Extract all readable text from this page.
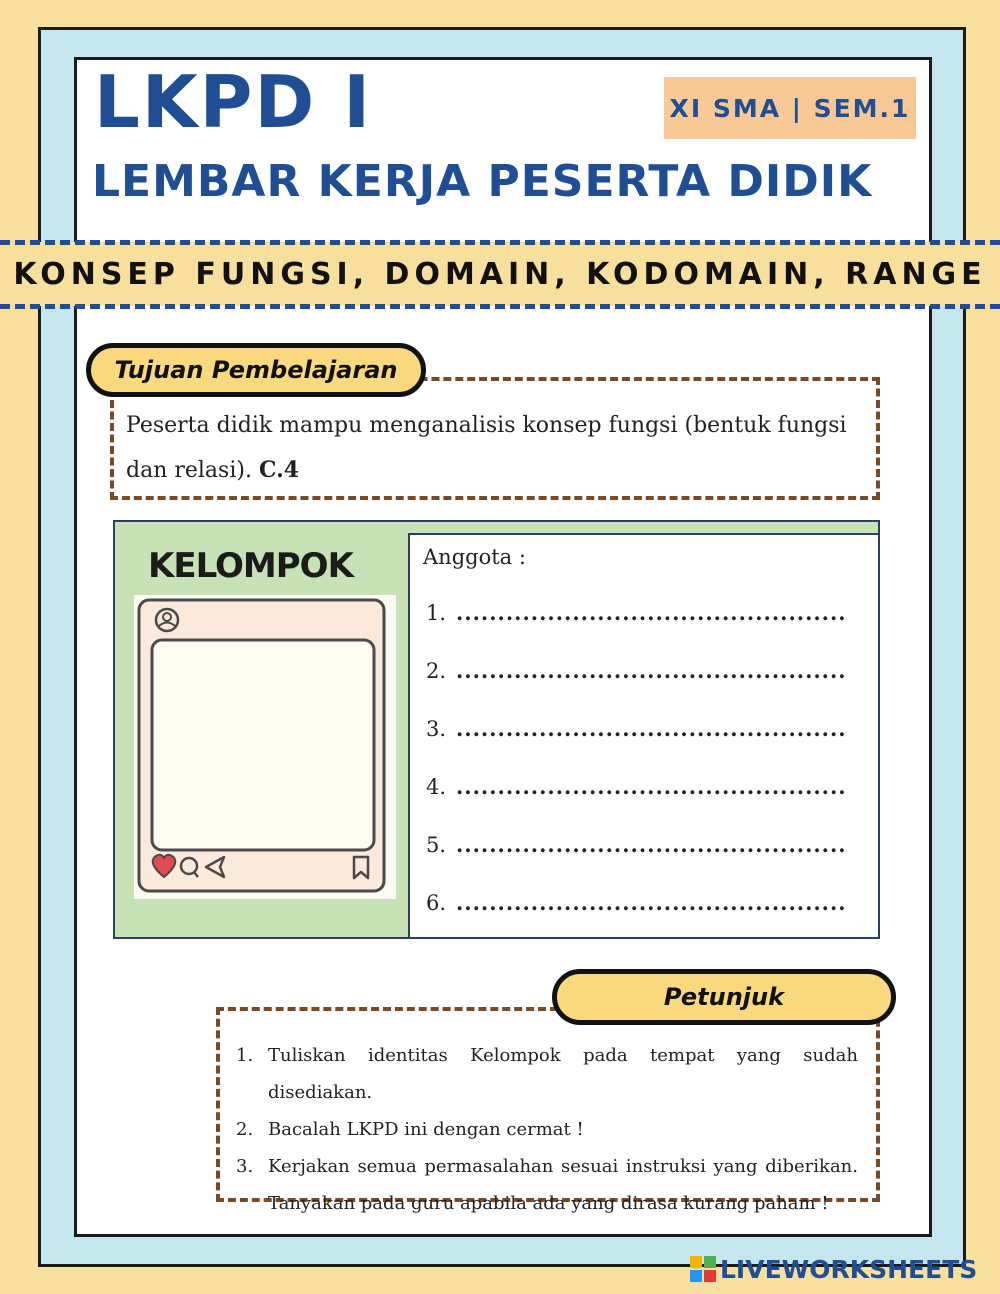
LKPD I
LEMBAR KERJA PESERTA DIDIK
XI SMA | SEM.1
KONSEP FUNGSI, DOMAIN, KODOMAIN, RANGE
Tujuan Pembelajaran

Peserta didik mampu menganalisis konsep fungsi (bentuk fungsi dan relasi). C.4

KELOMPOK	Anggota :

1. ...............................................
2. ...............................................
3. ...............................................
4. ...............................................
5. ...............................................
6. ...............................................
Petunjuk
1. Tuliskan identitas Kelompok pada tempat yang sudah disediakan.
2. Bacalah LKPD ini dengan cermat !
3. Kerjakan semua permasalahan sesuai instruksi yang diberikan. Tanyakan pada guru apabila ada yang dirasa kurang paham !
LIVEWORKSHEETS
